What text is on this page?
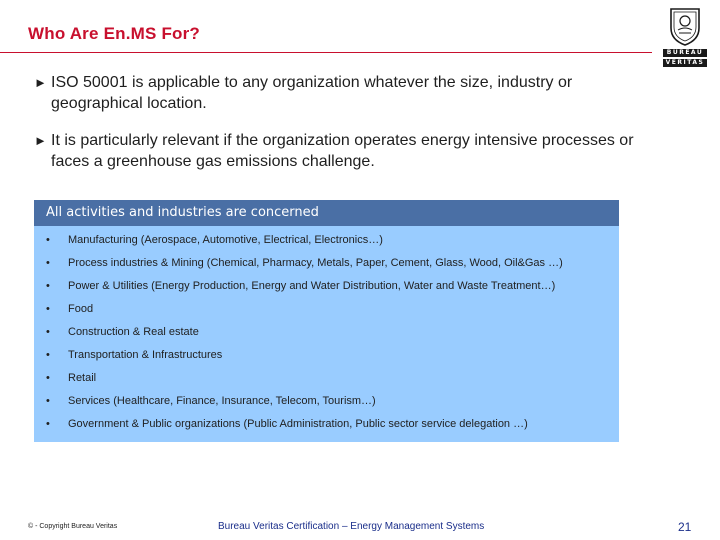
Who Are En.MS For?
BUREAU
VERITAS
► ISO 50001 is applicable to any organization whatever the size, industry or geographical location.
► It is particularly relevant if the organization operates energy intensive processes or faces a greenhouse gas emissions challenge.
All activities and industries are concerned
• Manufacturing (Aerospace, Automotive, Electrical, Electronics…)
• Process industries & Mining (Chemical, Pharmacy, Metals, Paper, Cement, Glass, Wood, Oil&Gas …)
• Power & Utilities (Energy Production, Energy and Water Distribution, Water and Waste Treatment…)
• Food
• Construction & Real estate
• Transportation & Infrastructures
• Retail
• Services (Healthcare, Finance, Insurance, Telecom, Tourism…)
• Government & Public organizations (Public Administration, Public sector service delegation …)
© - Copyright Bureau Veritas	Bureau Veritas Certification – Energy Management Systems	21
